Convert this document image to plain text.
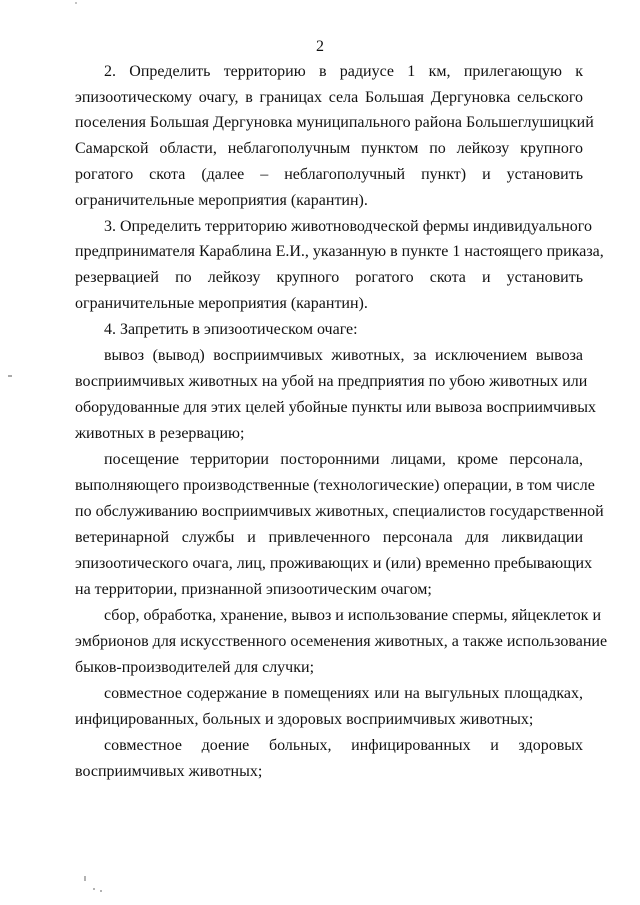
2
2. Определить территорию в радиусе 1 км, прилегающую к
эпизоотическому очагу, в границах села Большая Дергуновка сельского
поселения Большая Дергуновка муниципального района Большеглушицкий
Самарской области, неблагополучным пунктом по лейкозу крупного
рогатого скота (далее – неблагополучный пункт) и установить
ограничительные мероприятия (карантин).
3. Определить территорию животноводческой фермы индивидуального
предпринимателя Караблина Е.И., указанную в пункте 1 настоящего приказа,
резервацией по лейкозу крупного рогатого скота и установить
ограничительные мероприятия (карантин).
4. Запретить в эпизоотическом очаге:
вывоз (вывод) восприимчивых животных, за исключением вывоза
восприимчивых животных на убой на предприятия по убою животных или
оборудованные для этих целей убойные пункты или вывоза восприимчивых
животных в резервацию;
посещение территории посторонними лицами, кроме персонала,
выполняющего производственные (технологические) операции, в том числе
по обслуживанию восприимчивых животных, специалистов государственной
ветеринарной службы и привлеченного персонала для ликвидации
эпизоотического очага, лиц, проживающих и (или) временно пребывающих
на территории, признанной эпизоотическим очагом;
сбор, обработка, хранение, вывоз и использование спермы, яйцеклеток и
эмбрионов для искусственного осеменения животных, а также использование
быков-производителей для случки;
совместное содержание в помещениях или на выгульных площадках,
инфицированных, больных и здоровых восприимчивых животных;
совместное доение больных, инфицированных и здоровых
восприимчивых животных;
